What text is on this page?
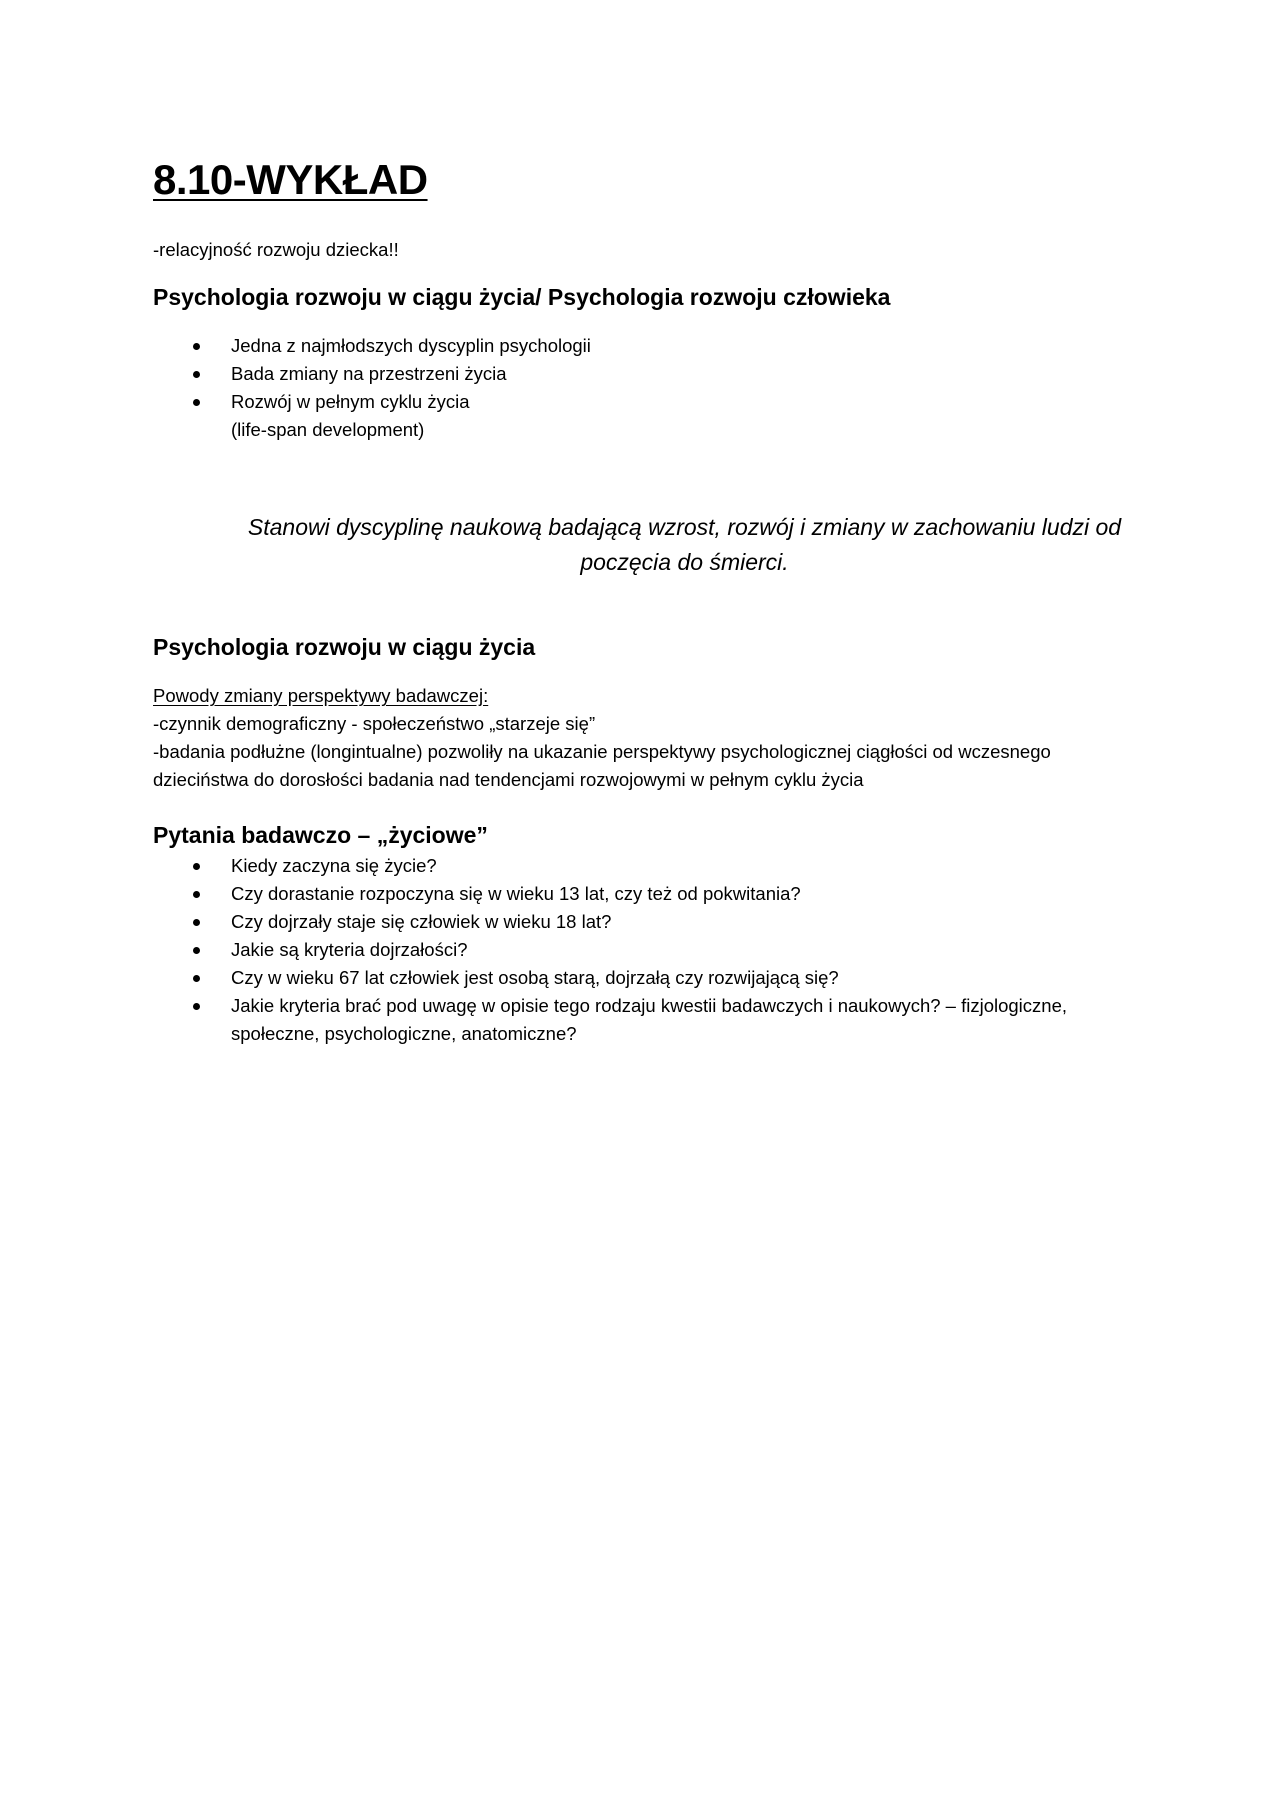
8.10-WYKŁAD

-relacyjność rozwoju dziecka!!

Psychologia rozwoju w ciągu życia/ Psychologia rozwoju człowieka
Jedna z najmłodszych dyscyplin psychologii
Bada zmiany na przestrzeni życia
Rozwój w pełnym cyklu życia

(life-span development)

Stanowi dyscyplinę naukową badającą wzrost, rozwój i zmiany w zachowaniu ludzi od poczęcia do śmierci.

Psychologia rozwoju w ciągu życia

Powody zmiany perspektywy badawczej:

-czynnik demograficzny - społeczeństwo „starzeje się”

-badania podłużne (longintualne) pozwoliły na ukazanie perspektywy psychologicznej ciągłości od wczesnego dzieciństwa do dorosłości badania nad tendencjami rozwojowymi w pełnym cyklu życia

Pytania badawczo – „życiowe”
Kiedy zaczyna się życie?
Czy dorastanie rozpoczyna się w wieku 13 lat, czy też od pokwitania?
Czy dojrzały staje się człowiek w wieku 18 lat?
Jakie są kryteria dojrzałości?
Czy w wieku 67 lat człowiek jest osobą starą, dojrzałą czy rozwijającą się?
Jakie kryteria brać pod uwagę w opisie tego rodzaju kwestii badawczych i naukowych? – fizjologiczne, społeczne, psychologiczne, anatomiczne?
